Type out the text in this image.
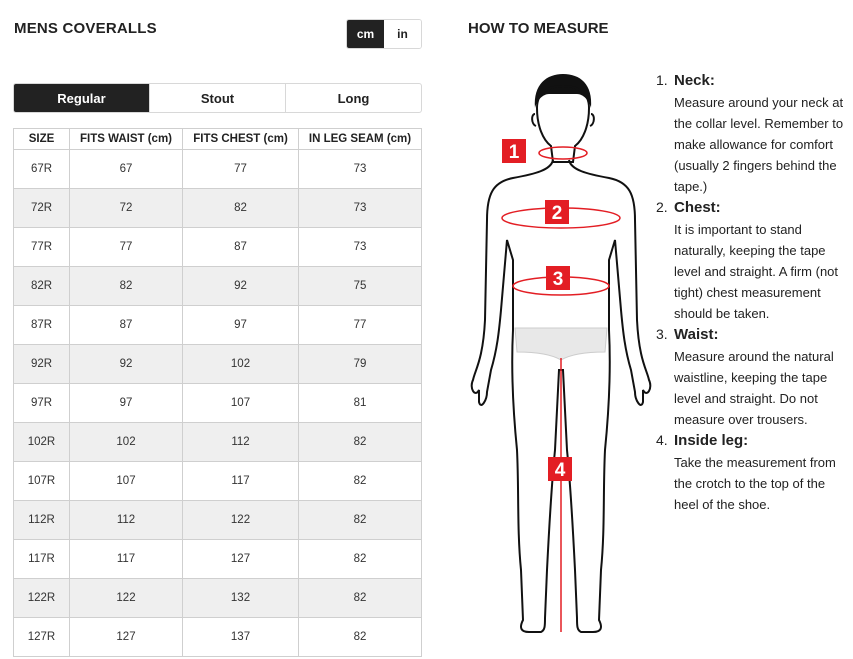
MENS COVERALLS	cm	in
Regular	Stout	Long
SIZE	FITS WAIST (cm)	FITS CHEST (cm)	IN LEG SEAM (cm)
67R	67	77	73
72R	72	82	73
77R	77	87	73
82R	82	92	75
87R	87	97	77
92R	92	102	79
97R	97	107	81
102R	102	112	82
107R	107	117	82
112R	112	122	82
117R	117	127	82
122R	122	132	82
127R	127	137	82
HOW TO MEASURE
1
2
3
4
1. Neck:
Measure around your neck at the collar level. Remember to make allowance for comfort (usually 2 fingers behind the tape.)
2. Chest:
It is important to stand naturally, keeping the tape level and straight. A firm (not tight) chest measurement should be taken.
3. Waist:
Measure around the natural waistline, keeping the tape level and straight. Do not measure over trousers.
4. Inside leg:
Take the measurement from the crotch to the top of the heel of the shoe.
